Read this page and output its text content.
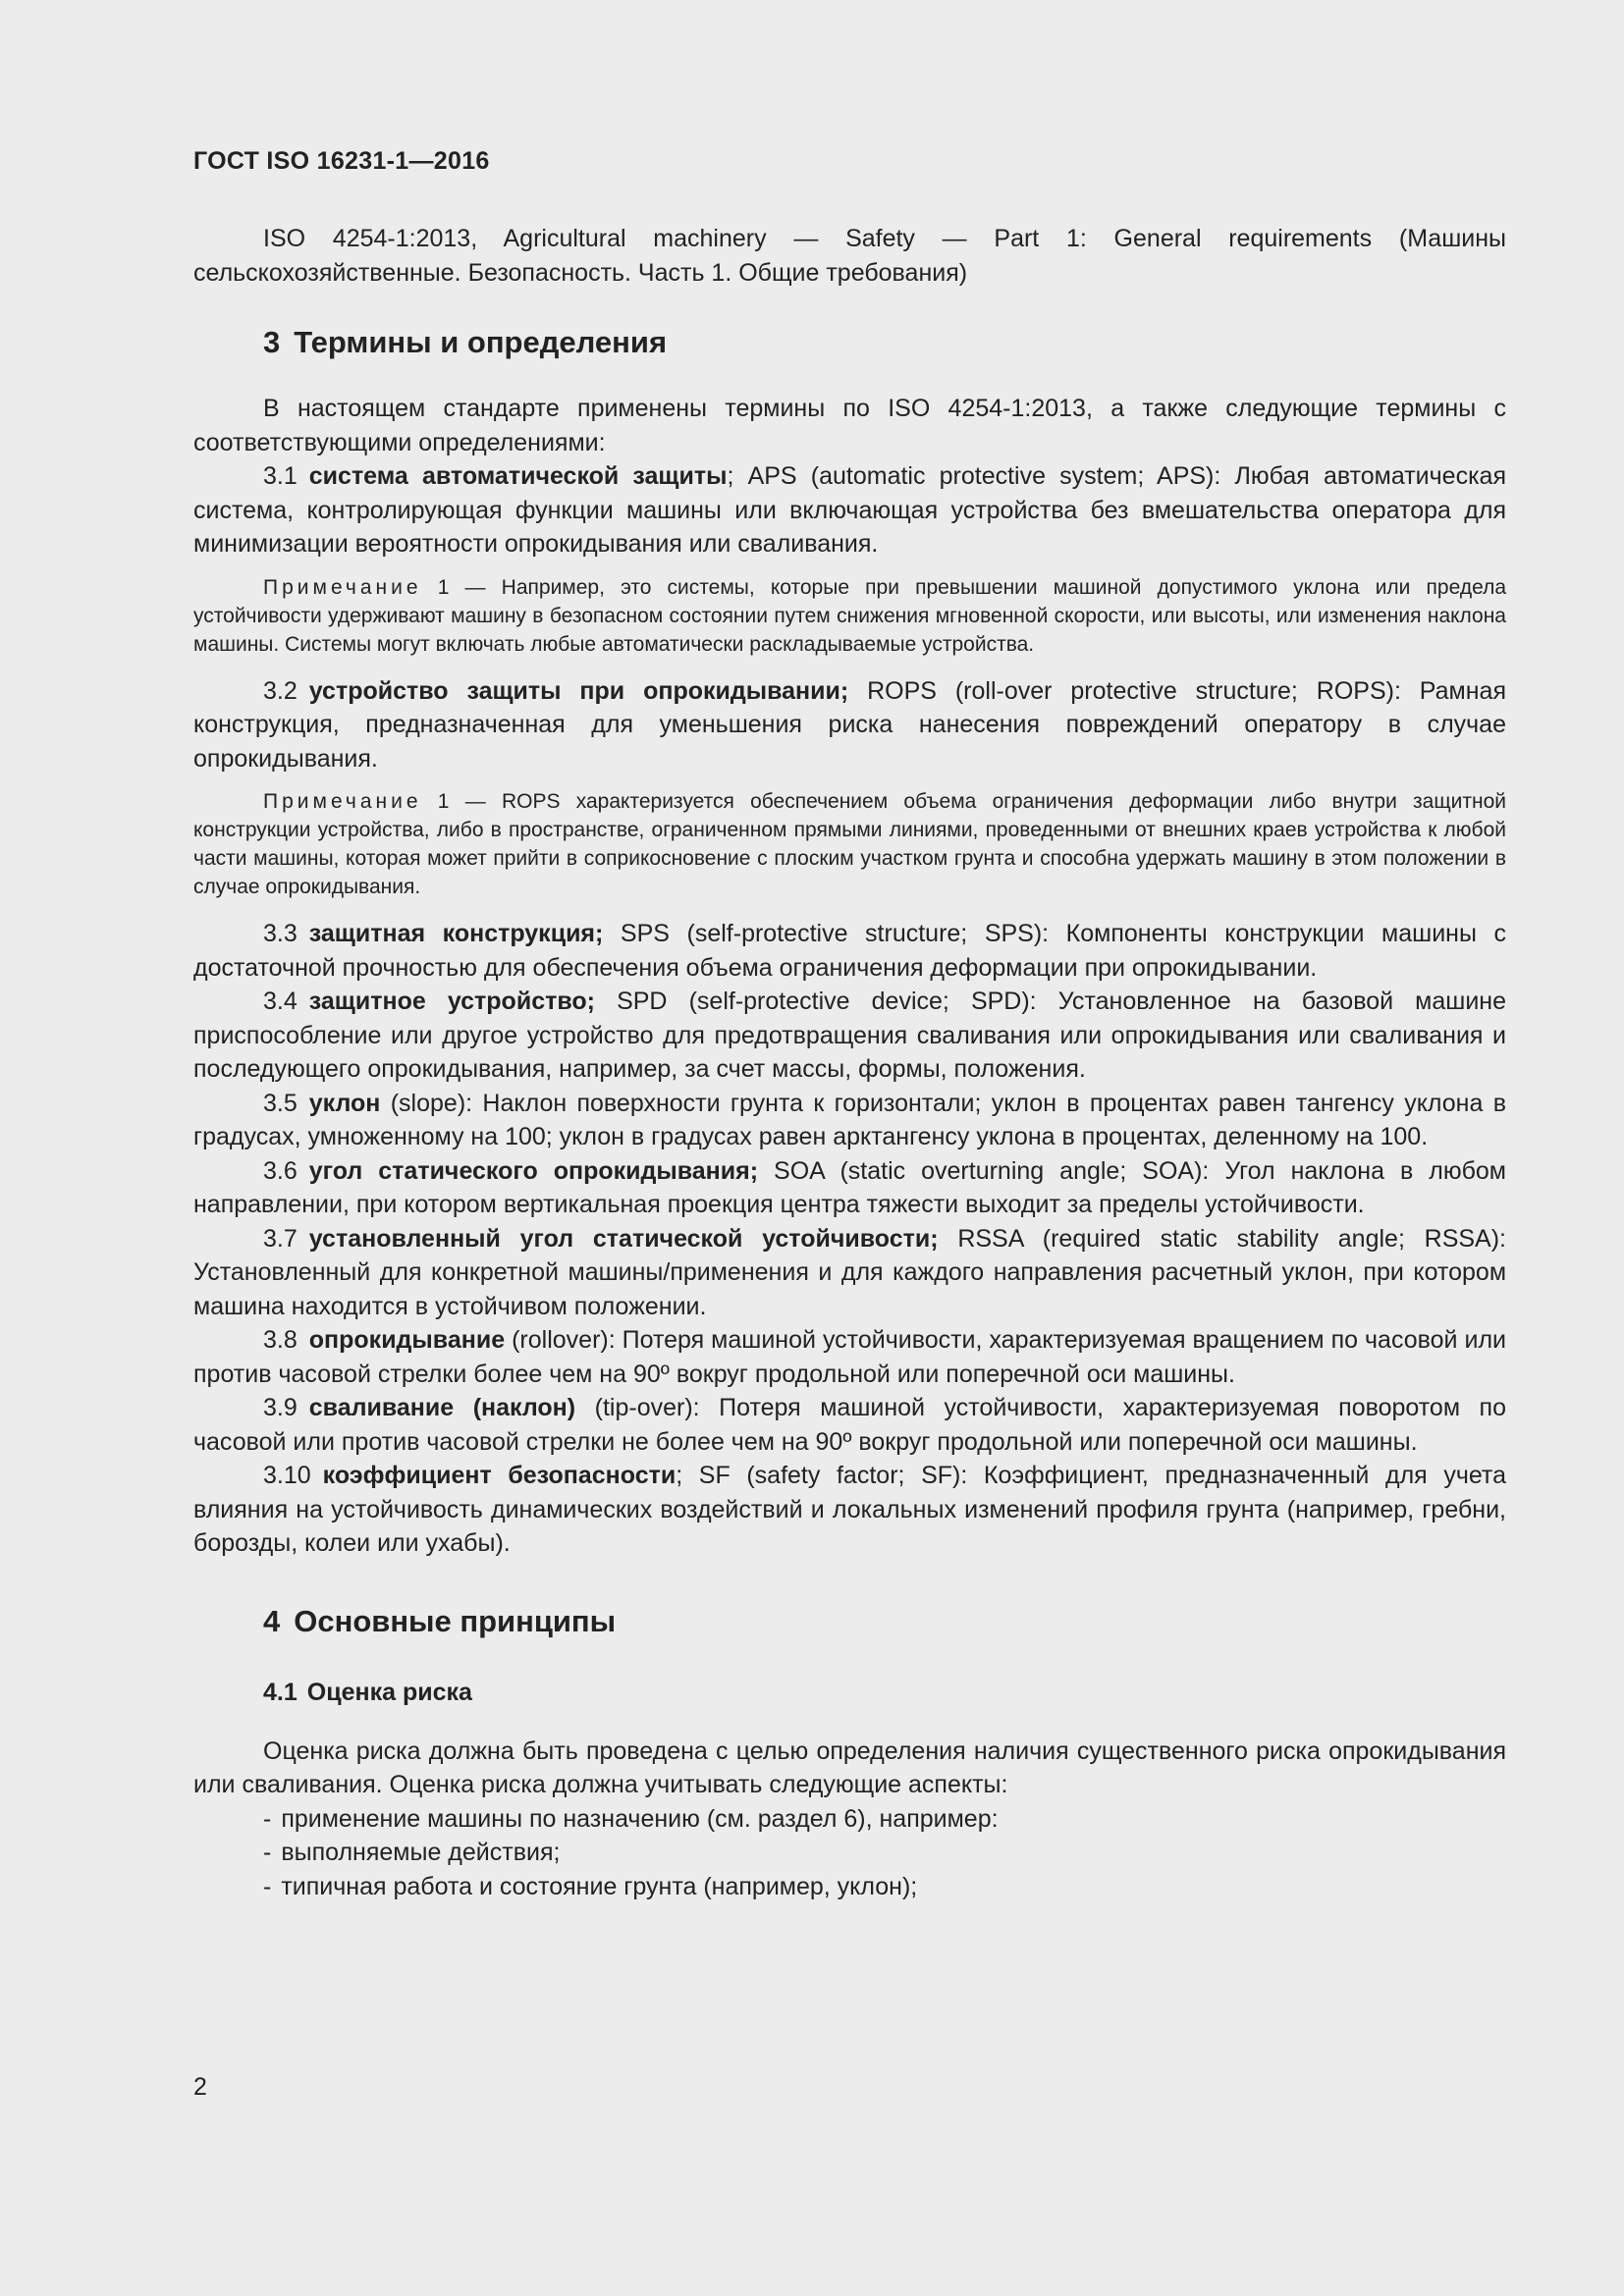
ГОСТ ISO 16231-1—2016

ISO 4254-1:2013, Agricultural machinery — Safety — Part 1: General requirements (Машины сельскохозяйственные. Безопасность. Часть 1. Общие требования)

3 Термины и определения

В настоящем стандарте применены термины по ISO 4254-1:2013, а также следующие термины с соответствующими определениями:

3.1 система автоматической защиты; APS (automatic protective system; APS): Любая автоматическая система, контролирующая функции машины или включающая устройства без вмешательства оператора для минимизации вероятности опрокидывания или сваливания.

Примечание 1 — Например, это системы, которые при превышении машиной допустимого уклона или предела устойчивости удерживают машину в безопасном состоянии путем снижения мгновенной скорости, или высоты, или изменения наклона машины. Системы могут включать любые автоматически раскладываемые устройства.

3.2 устройство защиты при опрокидывании; ROPS (roll-over protective structure; ROPS): Рамная конструкция, предназначенная для уменьшения риска нанесения повреждений оператору в случае опрокидывания.

Примечание 1 — ROPS характеризуется обеспечением объема ограничения деформации либо внутри защитной конструкции устройства, либо в пространстве, ограниченном прямыми линиями, проведенными от внешних краев устройства к любой части машины, которая может прийти в соприкосновение с плоским участком грунта и способна удержать машину в этом положении в случае опрокидывания.

3.3 защитная конструкция; SPS (self-protective structure; SPS): Компоненты конструкции машины с достаточной прочностью для обеспечения объема ограничения деформации при опрокидывании.

3.4 защитное устройство; SPD (self-protective device; SPD): Установленное на базовой машине приспособление или другое устройство для предотвращения сваливания или опрокидывания или сваливания и последующего опрокидывания, например, за счет массы, формы, положения.

3.5 уклон (slope): Наклон поверхности грунта к горизонтали; уклон в процентах равен тангенсу уклона в градусах, умноженному на 100; уклон в градусах равен арктангенсу уклона в процентах, деленному на 100.

3.6 угол статического опрокидывания; SOA (static overturning angle; SOA): Угол наклона в любом направлении, при котором вертикальная проекция центра тяжести выходит за пределы устойчивости.

3.7 установленный угол статической устойчивости; RSSA (required static stability angle; RSSA): Установленный для конкретной машины/применения и для каждого направления расчетный уклон, при котором машина находится в устойчивом положении.

3.8 опрокидывание (rollover): Потеря машиной устойчивости, характеризуемая вращением по часовой или против часовой стрелки более чем на 90º вокруг продольной или поперечной оси машины.

3.9 сваливание (наклон) (tip-over): Потеря машиной устойчивости, характеризуемая поворотом по часовой или против часовой стрелки не более чем на 90º вокруг продольной или поперечной оси машины.

3.10 коэффициент безопасности; SF (safety factor; SF): Коэффициент, предназначенный для учета влияния на устойчивость динамических воздействий и локальных изменений профиля грунта (например, гребни, борозды, колеи или ухабы).

4 Основные принципы
4.1 Оценка риска

Оценка риска должна быть проведена с целью определения наличия существенного риска опрокидывания или сваливания. Оценка риска должна учитывать следующие аспекты:

- применение машины по назначению (см. раздел 6), например:
- выполняемые действия;
- типичная работа и состояние грунта (например, уклон);
2
